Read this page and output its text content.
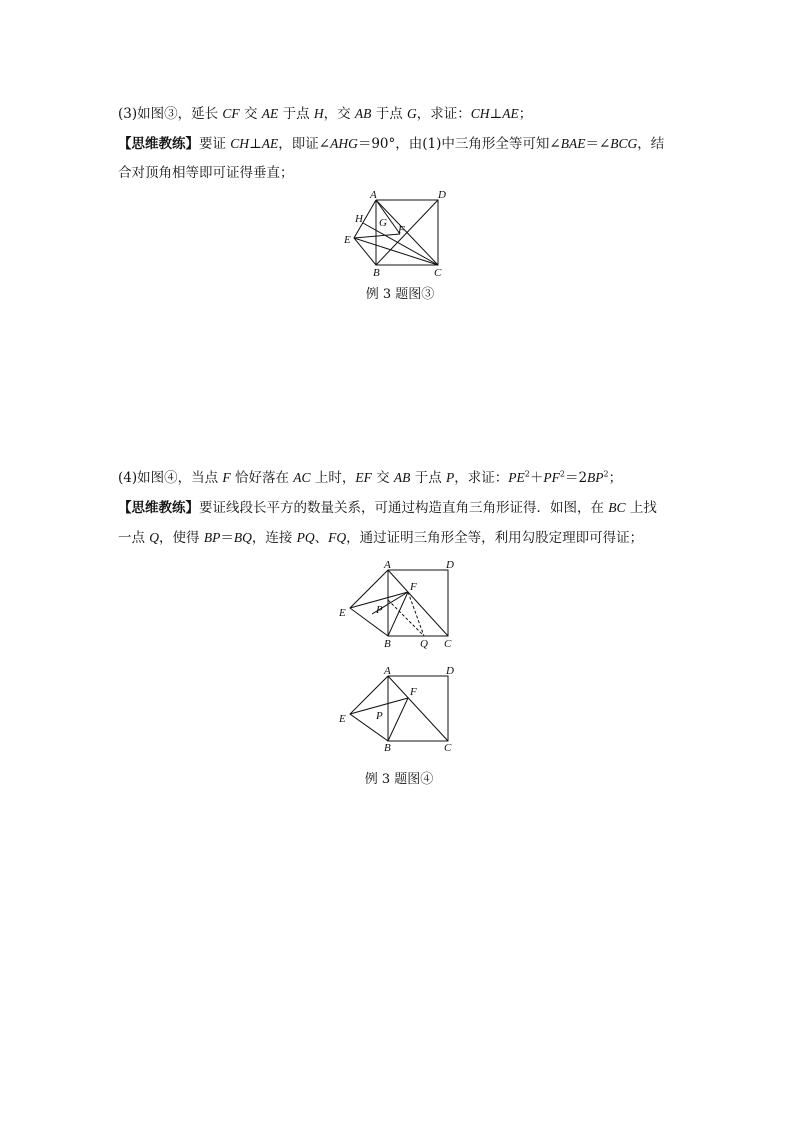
(3)如图③，延长 CF 交 AE 于点 H，交 AB 于点 G，求证：CH⊥AE；
【思维教练】要证 CH⊥AE，即证∠AHG＝90°，由(1)中三角形全等可知∠BAE＝∠BCG，结
合对顶角相等即可证得垂直；
A	D
H G
F
E
B	C
例 3 题图③
(4)如图④，当点 F 恰好落在 AC 上时，EF 交 AB 于点 P，求证：$PE^2+PF^2=2BP^2$；
【思维教练】要证线段长平方的数量关系，可通过构造直角三角形证得．如图，在 BC 上找
一点 Q，使得 BP＝BQ，连接 PQ、FQ，通过证明三角形全等，利用勾股定理即可得证；
A	D
F
E	P
B	Q C
A	D
F
E	P
B	C
例 3 题图④
